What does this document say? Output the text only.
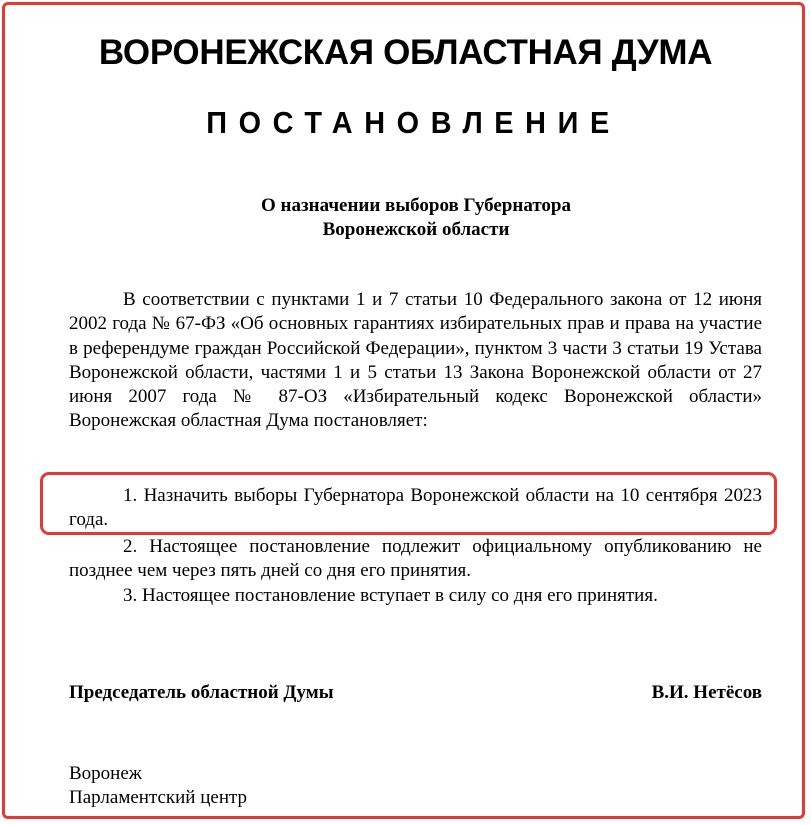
ВОРОНЕЖСКАЯ ОБЛАСТНАЯ ДУМА
ПОСТАНОВЛЕНИЕ
О назначении выборов Губернатора
Воронежской области
В соответствии с пунктами 1 и 7 статьи 10 Федерального закона от 12 июня 2002 года № 67-ФЗ «Об основных гарантиях избирательных прав и права на участие в референдуме граждан Российской Федерации», пунктом 3 части 3 статьи 19 Устава Воронежской области, частями 1 и 5 статьи 13 Закона Воронежской области от 27 июня 2007 года № 87-ОЗ «Избирательный кодекс Воронежской области» Воронежская областная Дума постановляет:
1. Назначить выборы Губернатора Воронежской области на 10 сентября 2023 года.
2. Настоящее постановление подлежит официальному опубликованию не позднее чем через пять дней со дня его принятия.
3. Настоящее постановление вступает в силу со дня его принятия.
Председатель областной Думы	В.И. Нетёсов
Воронеж
Парламентский центр
